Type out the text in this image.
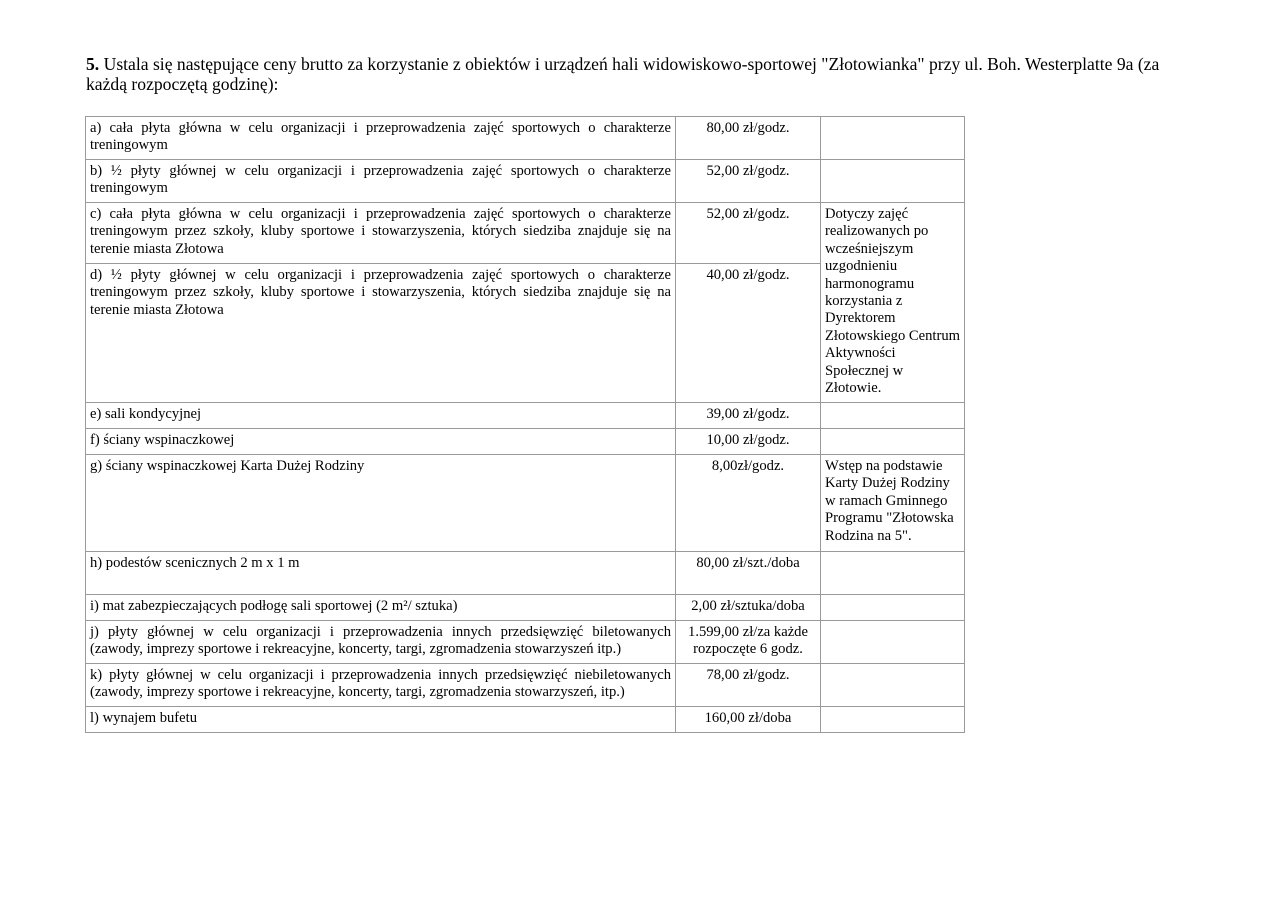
5. Ustala się następujące ceny brutto za korzystanie z obiektów i urządzeń hali widowiskowo-sportowej "Złotowianka" przy ul. Boh. Westerplatte 9a (za każdą rozpoczętą godzinę):
a) cała płyta główna w celu organizacji i przeprowadzenia zajęć sportowych o charakterze treningowym	80,00 zł/godz.	
b) ½ płyty głównej w celu organizacji i przeprowadzenia zajęć sportowych o charakterze treningowym	52,00 zł/godz.	
c) cała płyta główna w celu organizacji i przeprowadzenia zajęć sportowych o charakterze treningowym przez szkoły, kluby sportowe i stowarzyszenia, których siedziba znajduje się na terenie miasta Złotowa	52,00 zł/godz.	Dotyczy zajęć realizowanych po wcześniejszym uzgodnieniu harmonogramu korzystania z Dyrektorem Złotowskiego Centrum Aktywności Społecznej w Złotowie.
d) ½ płyty głównej w celu organizacji i przeprowadzenia zajęć sportowych o charakterze treningowym przez szkoły, kluby sportowe i stowarzyszenia, których siedziba znajduje się na terenie miasta Złotowa	40,00 zł/godz.	
e) sali kondycyjnej	39,00 zł/godz.	
f) ściany wspinaczkowej	10,00 zł/godz.	
g) ściany wspinaczkowej Karta Dużej Rodziny	8,00zł/godz.	Wstęp na podstawie Karty Dużej Rodziny w ramach Gminnego Programu "Złotowska Rodzina na 5".
h) podestów scenicznych 2 m x 1 m	80,00 zł/szt./doba	
i) mat zabezpieczających podłogę sali sportowej (2 m²/ sztuka)	2,00 zł/sztuka/doba	
j) płyty głównej w celu organizacji i przeprowadzenia innych przedsięwzięć biletowanych (zawody, imprezy sportowe i rekreacyjne, koncerty, targi, zgromadzenia stowarzyszeń itp.)	1.599,00 zł/za każde rozpoczęte 6 godz.	
k) płyty głównej w celu organizacji i przeprowadzenia innych przedsięwzięć niebiletowanych (zawody, imprezy sportowe i rekreacyjne, koncerty, targi, zgromadzenia stowarzyszeń, itp.)	78,00 zł/godz.	
l) wynajem bufetu	160,00 zł/doba	
